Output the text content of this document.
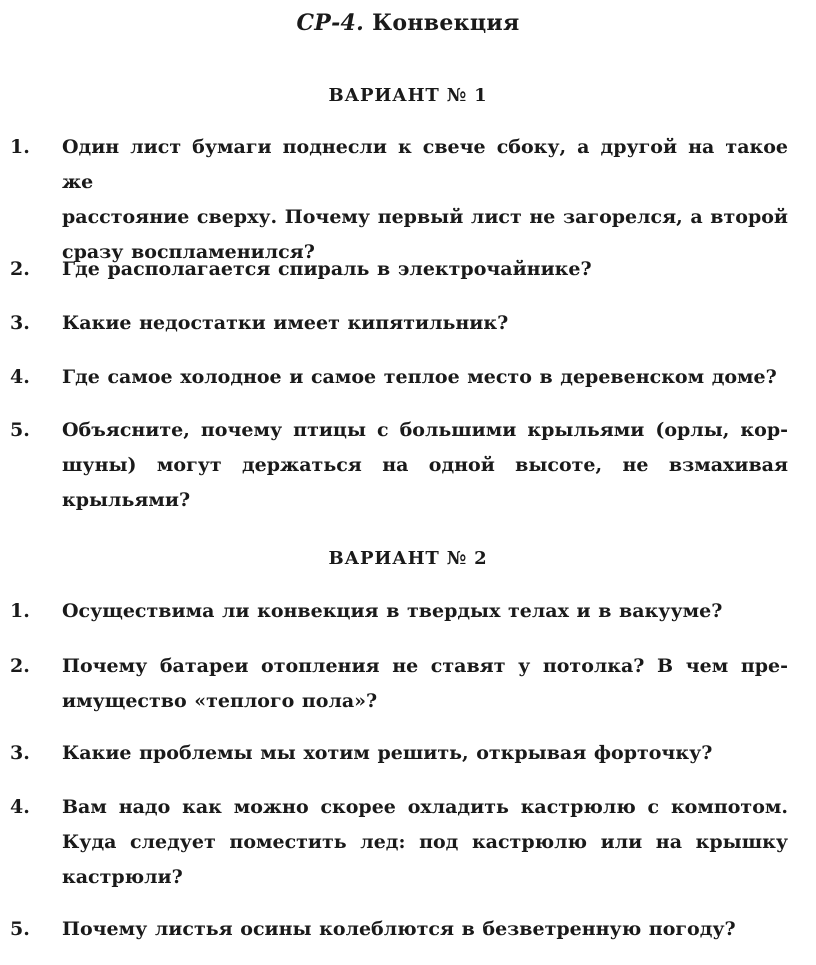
СР-4. Конвекция
ВАРИАНТ № 1
1.	Один лист бумаги поднесли к свече сбоку, а другой на такое же
расстояние сверху. Почему первый лист не загорелся, а второй
сразу воспламенился?
2.	Где располагается спираль в электрочайнике?
3.	Какие недостатки имеет кипятильник?
4.	Где самое холодное и самое теплое место в деревенском доме?
5.	Объясните, почему птицы с большими крыльями (орлы, кор-
шуны) могут держаться на одной высоте, не взмахивая
крыльями?
ВАРИАНТ № 2
1.	Осуществима ли конвекция в твердых телах и в вакууме?
2.	Почему батареи отопления не ставят у потолка? В чем пре-
имущество «теплого пола»?
3.	Какие проблемы мы хотим решить, открывая форточку?
4.	Вам надо как можно скорее охладить кастрюлю с компотом.
Куда следует поместить лед: под кастрюлю или на крышку
кастрюли?
5.	Почему листья осины колеблются в безветренную погоду?
